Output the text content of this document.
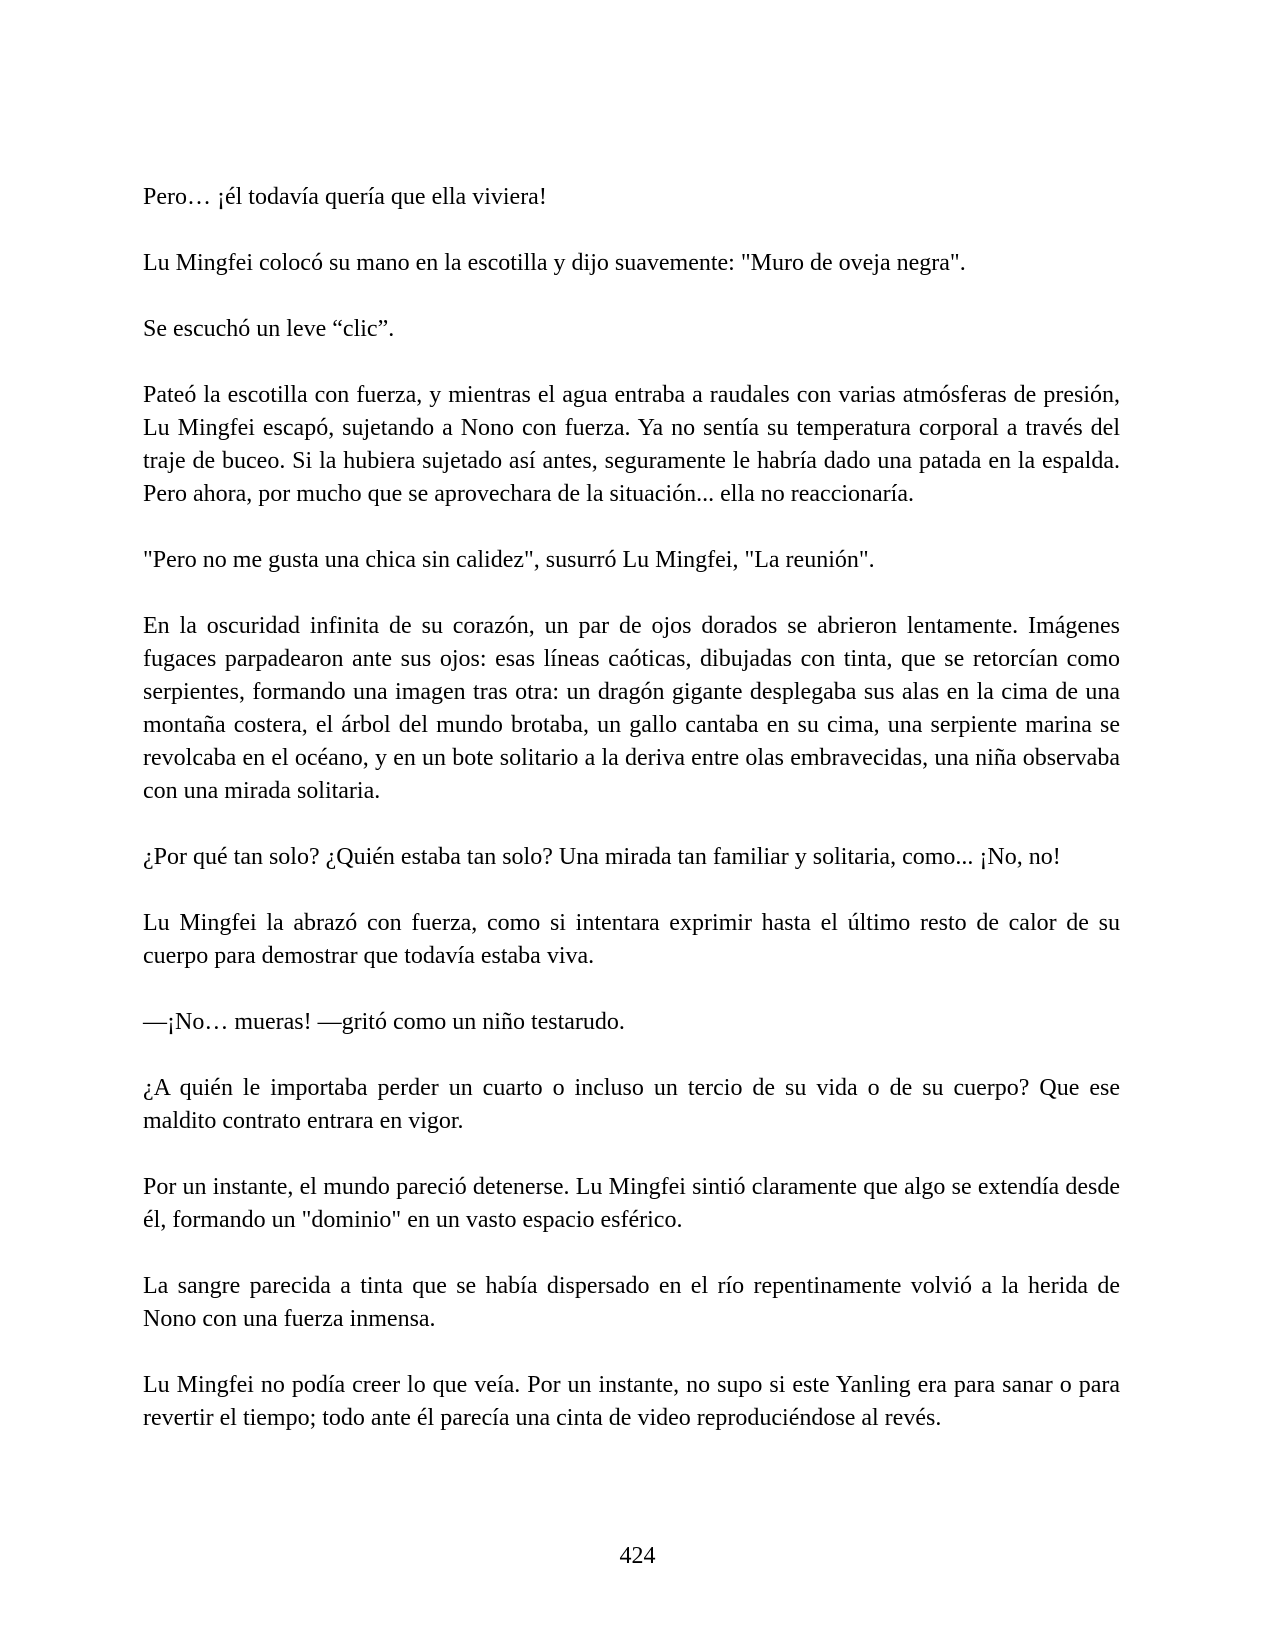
Pero… ¡él todavía quería que ella viviera!

Lu Mingfei colocó su mano en la escotilla y dijo suavemente: "Muro de oveja negra".

Se escuchó un leve “clic”.

Pateó la escotilla con fuerza, y mientras el agua entraba a raudales con varias atmósferas de presión, Lu Mingfei escapó, sujetando a Nono con fuerza. Ya no sentía su temperatura corporal a través del traje de buceo. Si la hubiera sujetado así antes, seguramente le habría dado una patada en la espalda. Pero ahora, por mucho que se aprovechara de la situación... ella no reaccionaría.

"Pero no me gusta una chica sin calidez", susurró Lu Mingfei, "La reunión".

En la oscuridad infinita de su corazón, un par de ojos dorados se abrieron lentamente. Imágenes fugaces parpadearon ante sus ojos: esas líneas caóticas, dibujadas con tinta, que se retorcían como serpientes, formando una imagen tras otra: un dragón gigante desplegaba sus alas en la cima de una montaña costera, el árbol del mundo brotaba, un gallo cantaba en su cima, una serpiente marina se revolcaba en el océano, y en un bote solitario a la deriva entre olas embravecidas, una niña observaba con una mirada solitaria.

¿Por qué tan solo? ¿Quién estaba tan solo? Una mirada tan familiar y solitaria, como... ¡No, no!

Lu Mingfei la abrazó con fuerza, como si intentara exprimir hasta el último resto de calor de su cuerpo para demostrar que todavía estaba viva.

—¡No… mueras! —gritó como un niño testarudo.

¿A quién le importaba perder un cuarto o incluso un tercio de su vida o de su cuerpo? Que ese maldito contrato entrara en vigor.

Por un instante, el mundo pareció detenerse. Lu Mingfei sintió claramente que algo se extendía desde él, formando un "dominio" en un vasto espacio esférico.

La sangre parecida a tinta que se había dispersado en el río repentinamente volvió a la herida de Nono con una fuerza inmensa.

Lu Mingfei no podía creer lo que veía. Por un instante, no supo si este Yanling era para sanar o para revertir el tiempo; todo ante él parecía una cinta de video reproduciéndose al revés.

424
